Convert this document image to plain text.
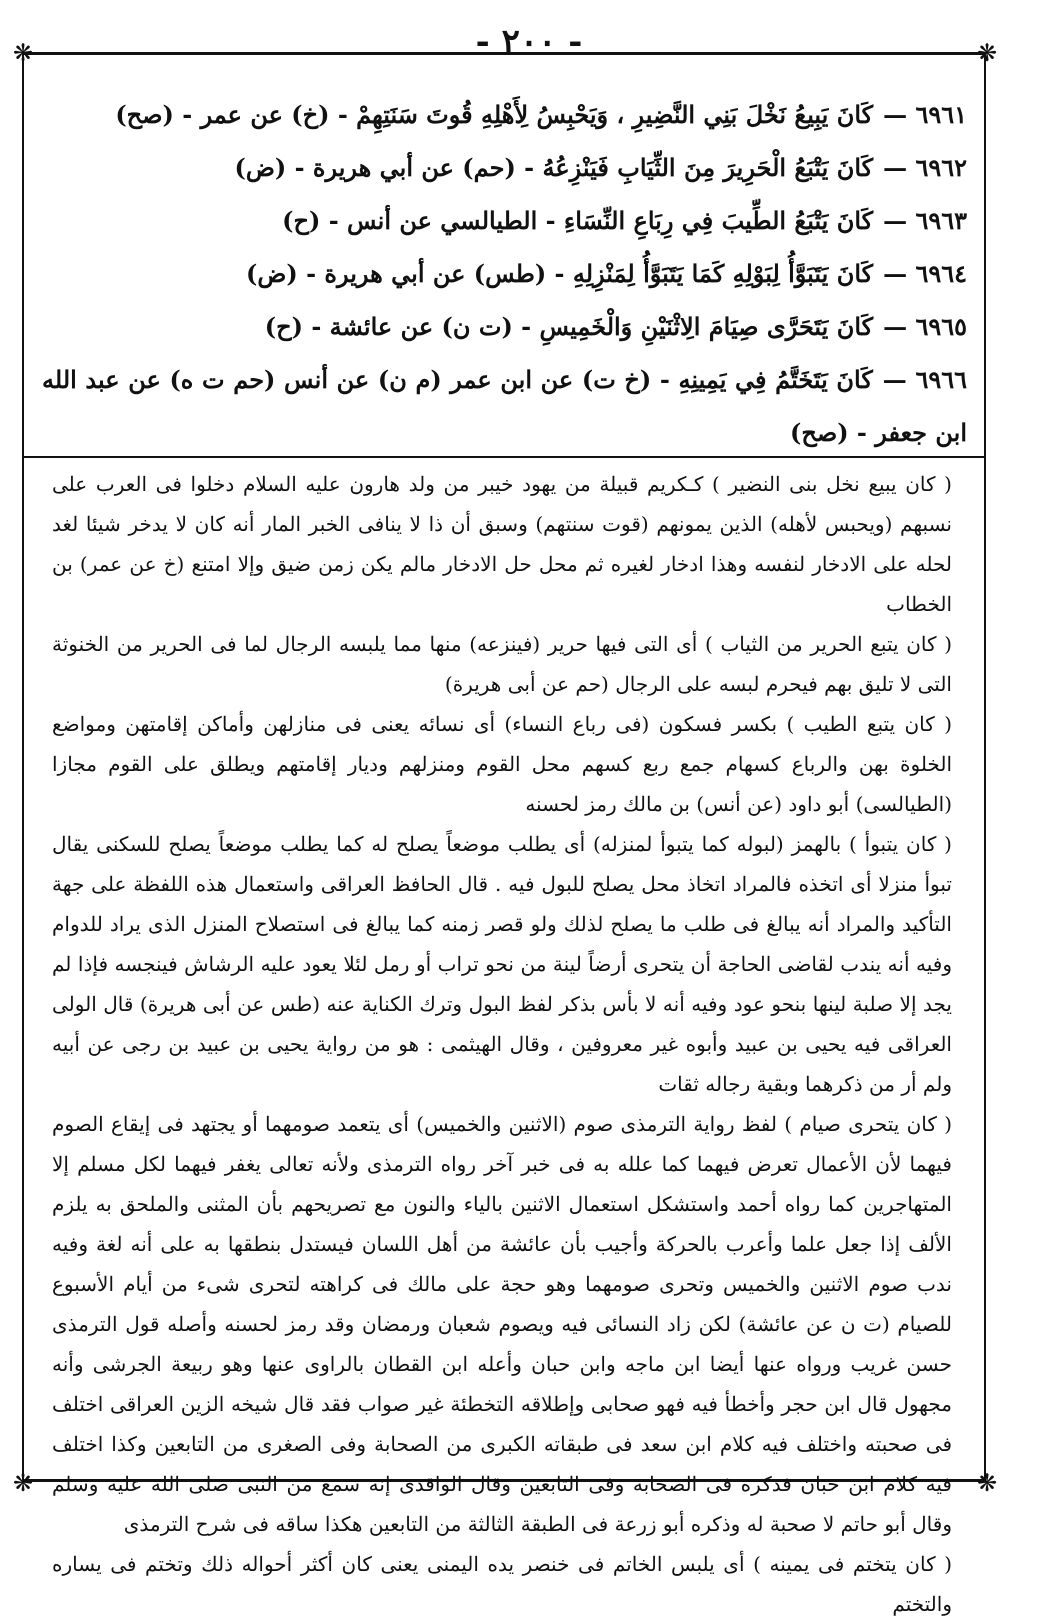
- ٢٠٠ -
❋	❋
❋	❋

٦٩٦١ —كَانَ يَبِيعُ نَخْلَ بَنِي النَّضِيرِ ، وَيَحْبِسُ لِأَهْلِهِ قُوتَ سَنَتِهِمْ - (خ) عن عمر - (صح)

٦٩٦٢ —كَانَ يَتْبَعُ الْحَرِيرَ مِنَ الثِّيَابِ فَيَنْزِعُهُ - (حم) عن أبي هريرة - (ض)

٦٩٦٣ —كَانَ يَتْبَعُ الطِّيبَ فِي رِبَاعِ النِّسَاءِ - الطيالسي عن أنس - (ح)

٦٩٦٤ —كَانَ يَتَبَوَّأُ لِبَوْلِهِ كَمَا يَتَبَوَّأُ لِمَنْزِلِهِ - (طس) عن أبي هريرة - (ض)

٦٩٦٥ —كَانَ يَتَحَرَّى صِيَامَ الِاثْنَيْنِ وَالْخَمِيسِ - (ت ن) عن عائشة - (ح)

٦٩٦٦ —كَانَ يَتَخَتَّمُ فِي يَمِينِهِ - (خ ت) عن ابن عمر (م ن) عن أنس (حم ت ه) عن عبد الله ابن جعفر - (صح)

( كان يبيع نخل بنى النضير ) كـكريم قبيلة من يهود خيبر من ولد هارون عليه السلام دخلوا فى العرب على نسبهم (ويحبس لأهله) الذين يمونهم (قوت سنتهم) وسبق أن ذا لا ينافى الخبر المار أنه كان لا يدخر شيئا لغد لحله على الادخار لنفسه وهذا ادخار لغيره ثم محل حل الادخار مالم يكن زمن ضيق وإلا امتنع (خ عن عمر) بن الخطاب

( كان يتبع الحرير من الثياب ) أى التى فيها حرير (فينزعه) منها مما يلبسه الرجال لما فى الحرير من الخنوثة التى لا تليق بهم فيحرم لبسه على الرجال (حم عن أبى هريرة)

( كان يتبع الطيب ) بكسر فسكون (فى رباع النساء) أى نسائه يعنى فى منازلهن وأماكن إقامتهن ومواضع الخلوة بهن والرباع كسهام جمع ربع كسهم محل القوم ومنزلهم وديار إقامتهم ويطلق على القوم مجازا (الطيالسى) أبو داود (عن أنس) بن مالك رمز لحسنه

( كان يتبوأ ) بالهمز (لبوله كما يتبوأ لمنزله) أى يطلب موضعاً يصلح له كما يطلب موضعاً يصلح للسكنى يقال تبوأ منزلا أى اتخذه فالمراد اتخاذ محل يصلح للبول فيه . قال الحافظ العراقى واستعمال هذه اللفظة على جهة التأكيد والمراد أنه يبالغ فى طلب ما يصلح لذلك ولو قصر زمنه كما يبالغ فى استصلاح المنزل الذى يراد للدوام وفيه أنه يندب لقاضى الحاجة أن يتحرى أرضاً لينة من نحو تراب أو رمل لئلا يعود عليه الرشاش فينجسه فإذا لم يجد إلا صلبة لينها بنحو عود وفيه أنه لا بأس بذكر لفظ البول وترك الكناية عنه (طس عن أبى هريرة) قال الولى العراقى فيه يحيى بن عبيد وأبوه غير معروفين ، وقال الهيثمى : هو من رواية يحيى بن عبيد بن رجى عن أبيه ولم أر من ذكرهما وبقية رجاله ثقات

( كان يتحرى صيام ) لفظ رواية الترمذى صوم (الاثنين والخميس) أى يتعمد صومهما أو يجتهد فى إيقاع الصوم فيهما لأن الأعمال تعرض فيهما كما علله به فى خبر آخر رواه الترمذى ولأنه تعالى يغفر فيهما لكل مسلم إلا المتهاجرين كما رواه أحمد واستشكل استعمال الاثنين بالياء والنون مع تصريحهم بأن المثنى والملحق به يلزم الألف إذا جعل علما وأعرب بالحركة وأجيب بأن عائشة من أهل اللسان فيستدل بنطقها به على أنه لغة وفيه ندب صوم الاثنين والخميس وتحرى صومهما وهو حجة على مالك فى كراهته لتحرى شىء من أيام الأسبوع للصيام (ت ن عن عائشة) لكن زاد النسائى فيه ويصوم شعبان ورمضان وقد رمز لحسنه وأصله قول الترمذى حسن غريب ورواه عنها أيضا ابن ماجه وابن حبان وأعله ابن القطان بالراوى عنها وهو ربيعة الجرشى وأنه مجهول قال ابن حجر وأخطأ فيه فهو صحابى وإطلاقه التخطئة غير صواب فقد قال شيخه الزين العراقى اختلف فى صحبته واختلف فيه كلام ابن سعد فى طبقاته الكبرى من الصحابة وفى الصغرى من التابعين وكذا اختلف فيه كلام ابن حبان فذكره فى الصحابة وفى التابعين وقال الواقدى إنه سمع من النبى صلى الله عليه وسلم وقال أبو حاتم لا صحبة له وذكره أبو زرعة فى الطبقة الثالثة من التابعين هكذا ساقه فى شرح الترمذى

( كان يتختم فى يمينه ) أى يلبس الخاتم فى خنصر يده اليمنى يعنى كان أكثر أحواله ذلك وتختم فى يساره والتختم
